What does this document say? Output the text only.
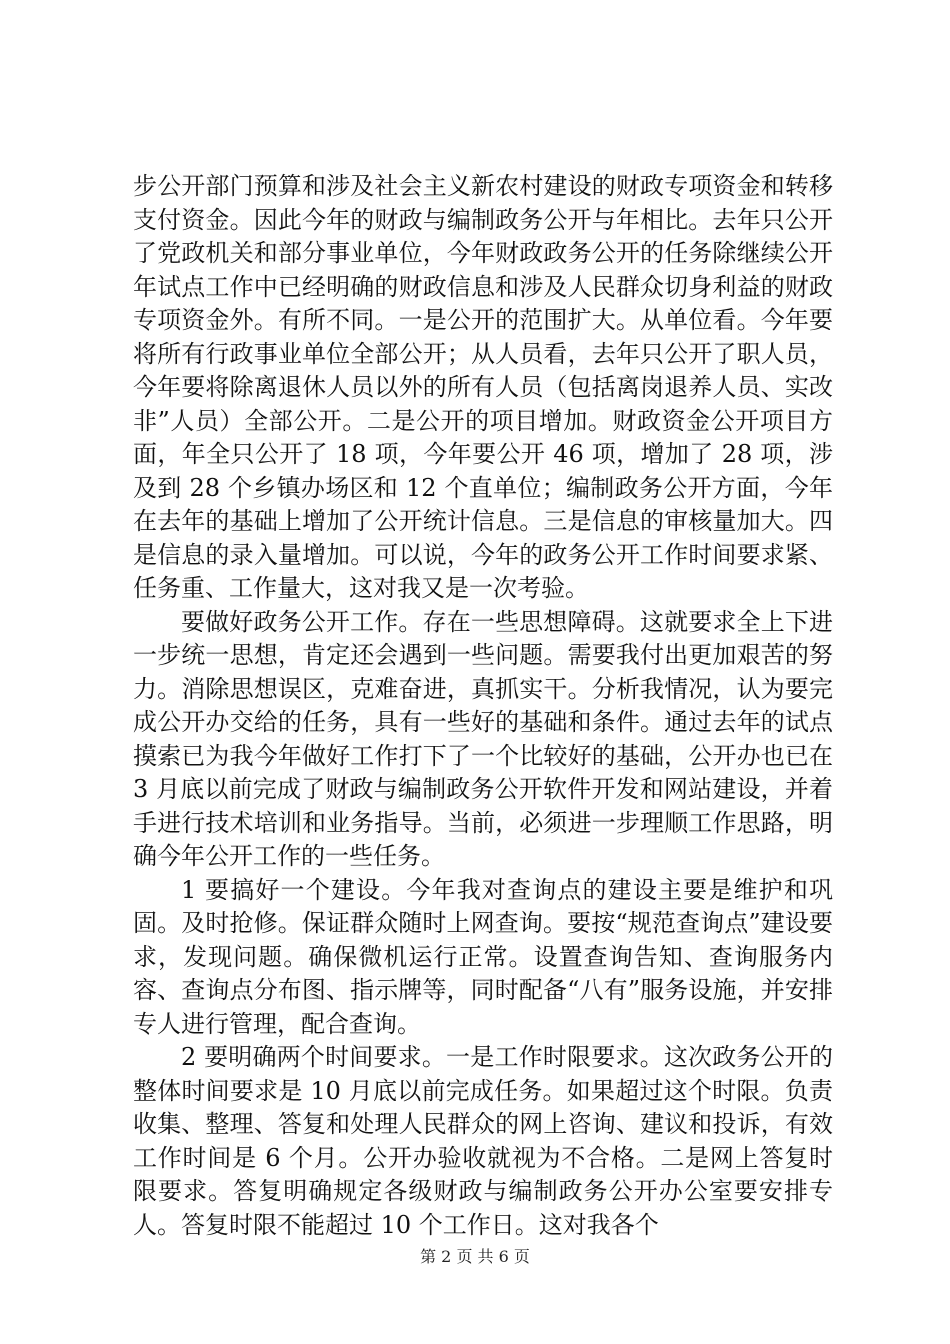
步公开部门预算和涉及社会主义新农村建设的财政专项资金和转移支付资金。因此今年的财政与编制政务公开与年相比。去年只公开了党政机关和部分事业单位，今年财政政务公开的任务除继续公开年试点工作中已经明确的财政信息和涉及人民群众切身利益的财政专项资金外。有所不同。一是公开的范围扩大。从单位看。今年要将所有行政事业单位全部公开；从人员看，去年只公开了职人员，今年要将除离退休人员以外的所有人员（包括离岗退养人员、实改非”人员）全部公开。二是公开的项目增加。财政资金公开项目方面，年全只公开了 18 项，今年要公开 46 项，增加了 28 项，涉及到 28 个乡镇办场区和 12 个直单位；编制政务公开方面，今年在去年的基础上增加了公开统计信息。三是信息的审核量加大。四是信息的录入量增加。可以说，今年的政务公开工作时间要求紧、任务重、工作量大，这对我又是一次考验。

要做好政务公开工作。存在一些思想障碍。这就要求全上下进一步统一思想，肯定还会遇到一些问题。需要我付出更加艰苦的努力。消除思想误区，克难奋进，真抓实干。分析我情况，认为要完成公开办交给的任务，具有一些好的基础和条件。通过去年的试点摸索已为我今年做好工作打下了一个比较好的基础，公开办也已在 3 月底以前完成了财政与编制政务公开软件开发和网站建设，并着手进行技术培训和业务指导。当前，必须进一步理顺工作思路，明确今年公开工作的一些任务。

1 要搞好一个建设。今年我对查询点的建设主要是维护和巩固。及时抢修。保证群众随时上网查询。要按“规范查询点”建设要求，发现问题。确保微机运行正常。设置查询告知、查询服务内容、查询点分布图、指示牌等，同时配备“八有”服务设施，并安排专人进行管理，配合查询。

2 要明确两个时间要求。一是工作时限要求。这次政务公开的整体时间要求是 10 月底以前完成任务。如果超过这个时限。负责收集、整理、答复和处理人民群众的网上咨询、建议和投诉，有效工作时间是 6 个月。公开办验收就视为不合格。二是网上答复时限要求。答复明确规定各级财政与编制政务公开办公室要安排专人。答复时限不能超过 10 个工作日。这对我各个

第 2 页 共 6 页
